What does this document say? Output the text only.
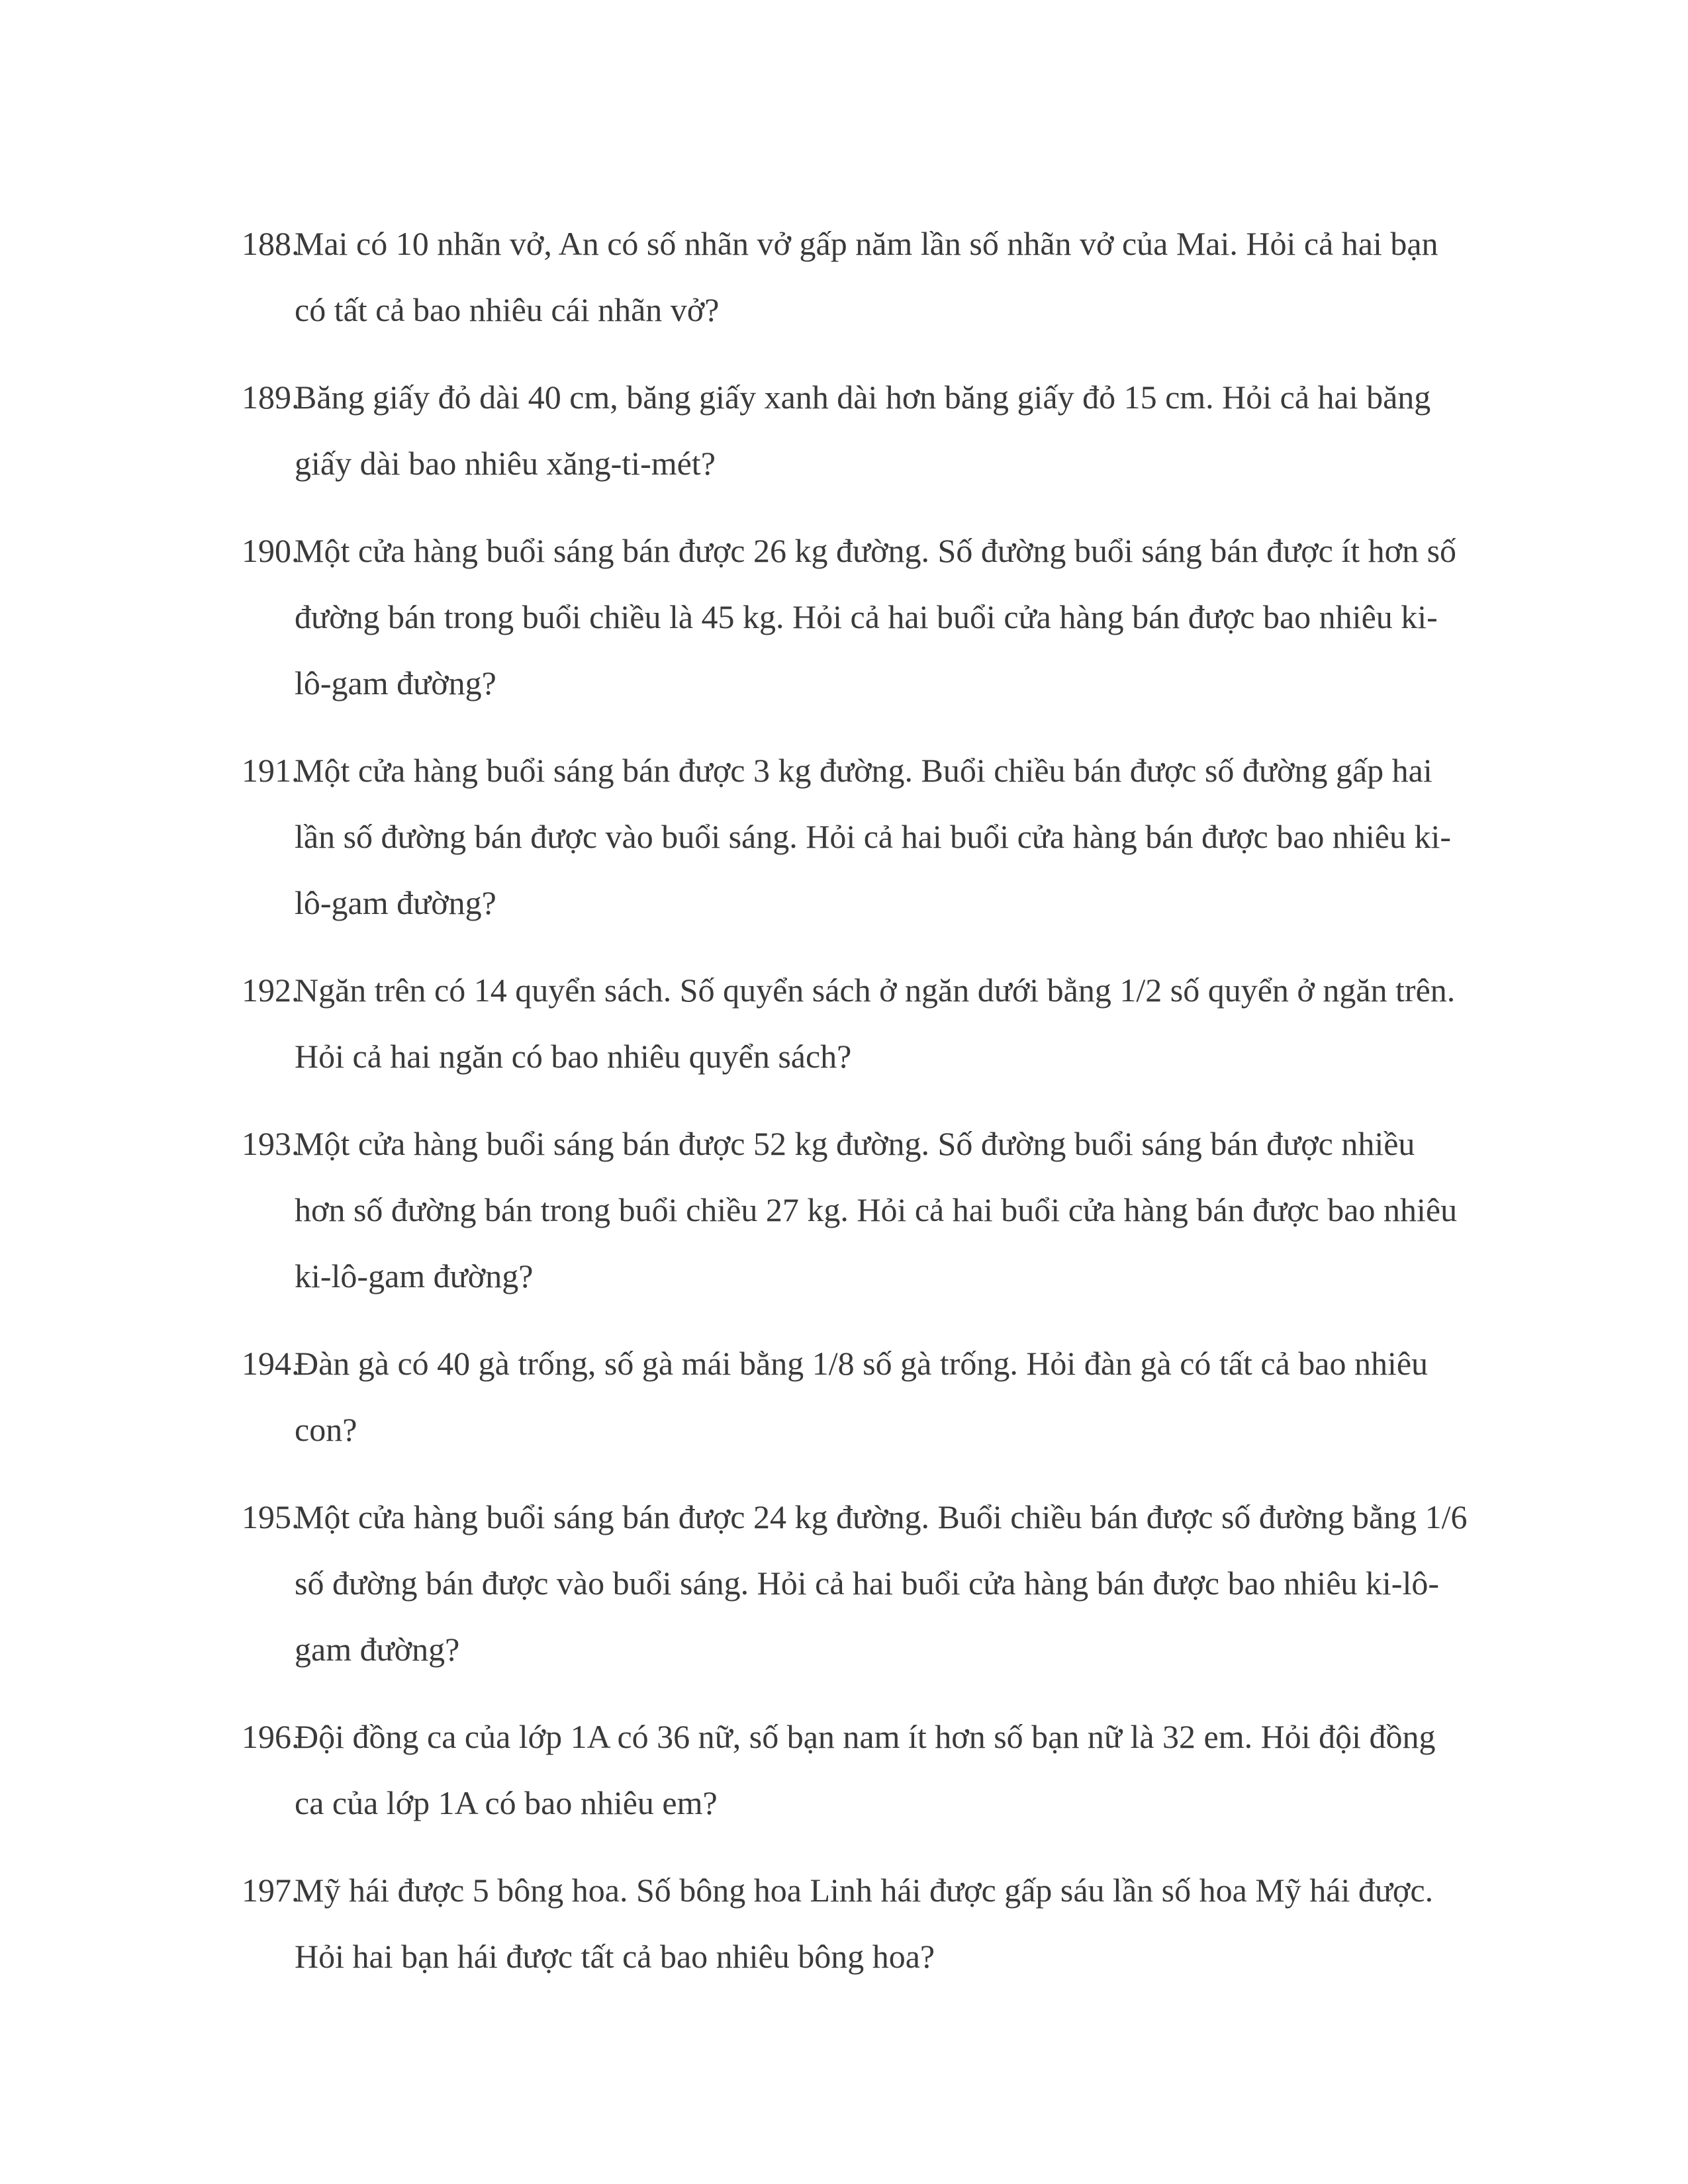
188.
Mai có 10 nhãn vở, An có số nhãn vở gấp năm lần số nhãn vở của Mai. Hỏi cả hai bạn có tất cả bao nhiêu cái nhãn vở?
189.
Băng giấy đỏ dài 40 cm, băng giấy xanh dài hơn băng giấy đỏ 15 cm. Hỏi cả hai băng giấy dài bao nhiêu xăng-ti-mét?
190.
Một cửa hàng buổi sáng bán được 26 kg đường. Số đường buổi sáng bán được ít hơn số đường bán trong buổi chiều là 45 kg. Hỏi cả hai buổi cửa hàng bán được bao nhiêu ki-lô-gam đường?
191.
Một cửa hàng buổi sáng bán được 3 kg đường. Buổi chiều bán được số đường gấp hai lần số đường bán được vào buổi sáng. Hỏi cả hai buổi cửa hàng bán được bao nhiêu ki-lô-gam đường?
192.
Ngăn trên có 14 quyển sách. Số quyển sách ở ngăn dưới bằng 1/2 số quyển ở ngăn trên. Hỏi cả hai ngăn có bao nhiêu quyển sách?
193.
Một cửa hàng buổi sáng bán được 52 kg đường. Số đường buổi sáng bán được nhiều hơn số đường bán trong buổi chiều 27 kg. Hỏi cả hai buổi cửa hàng bán được bao nhiêu ki-lô-gam đường?
194.
Đàn gà có 40 gà trống, số gà mái bằng 1/8 số gà trống. Hỏi đàn gà có tất cả bao nhiêu con?
195.
Một cửa hàng buổi sáng bán được 24 kg đường. Buổi chiều bán được số đường bằng 1/6 số đường bán được vào buổi sáng. Hỏi cả hai buổi cửa hàng bán được bao nhiêu ki-lô-gam đường?
196.
Đội đồng ca của lớp 1A có 36 nữ, số bạn nam ít hơn số bạn nữ là 32 em. Hỏi đội đồng ca của lớp 1A có bao nhiêu em?
197.
Mỹ hái được 5 bông hoa. Số bông hoa Linh hái được gấp sáu lần số hoa Mỹ hái được. Hỏi hai bạn hái được tất cả bao nhiêu bông hoa?
